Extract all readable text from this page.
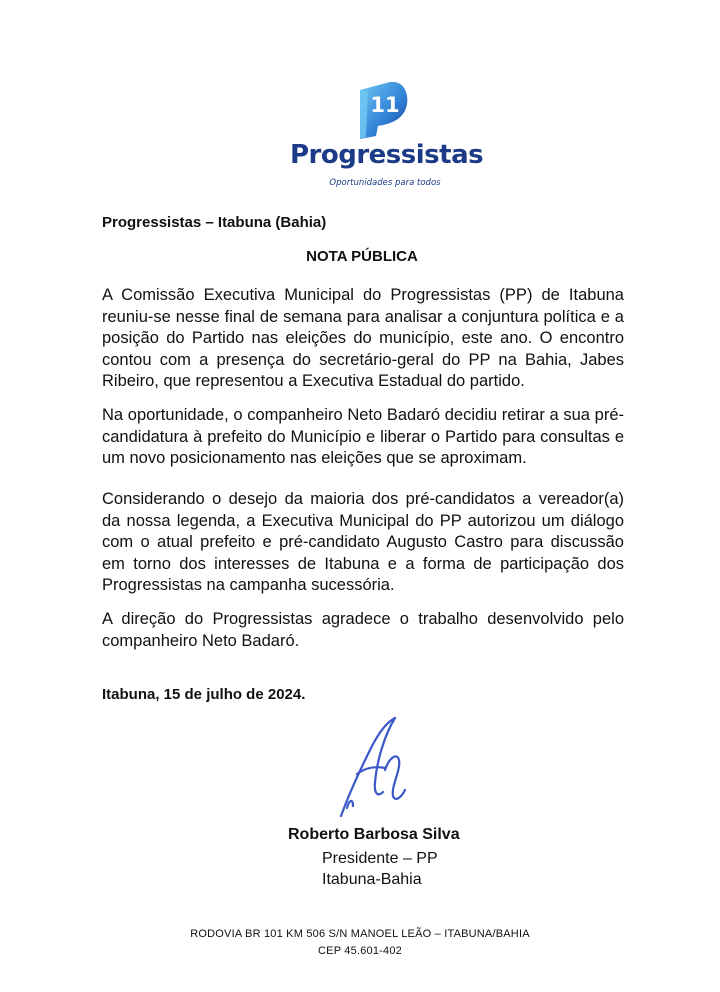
11
Progressistas
Oportunidades para todos
Progressistas – Itabuna (Bahia)
NOTA PÚBLICA

A Comissão Executiva Municipal do Progressistas (PP) de Itabuna reuniu-se nesse final de semana para analisar a conjuntura política e a posição do Partido nas eleições do município, este ano. O encontro contou com a presença do secretário-geral do PP na Bahia, Jabes Ribeiro, que representou a Executiva Estadual do partido.

Na oportunidade, o companheiro Neto Badaró decidiu retirar a sua pré-candidatura à prefeito do Município e liberar o Partido para consultas e um novo posicionamento nas eleições que se aproximam.

Considerando o desejo da maioria dos pré-candidatos a vereador(a) da nossa legenda, a Executiva Municipal do PP autorizou um diálogo com o atual prefeito e pré-candidato Augusto Castro para discussão em torno dos interesses de Itabuna e a forma de participação dos Progressistas na campanha sucessória.

A direção do Progressistas agradece o trabalho desenvolvido pelo companheiro Neto Badaró.

Itabuna, 15 de julho de 2024.
Roberto Barbosa Silva
Presidente – PP
Itabuna-Bahia
RODOVIA BR 101 KM 506 S/N MANOEL LEÃO – ITABUNA/BAHIA
CEP 45.601-402
